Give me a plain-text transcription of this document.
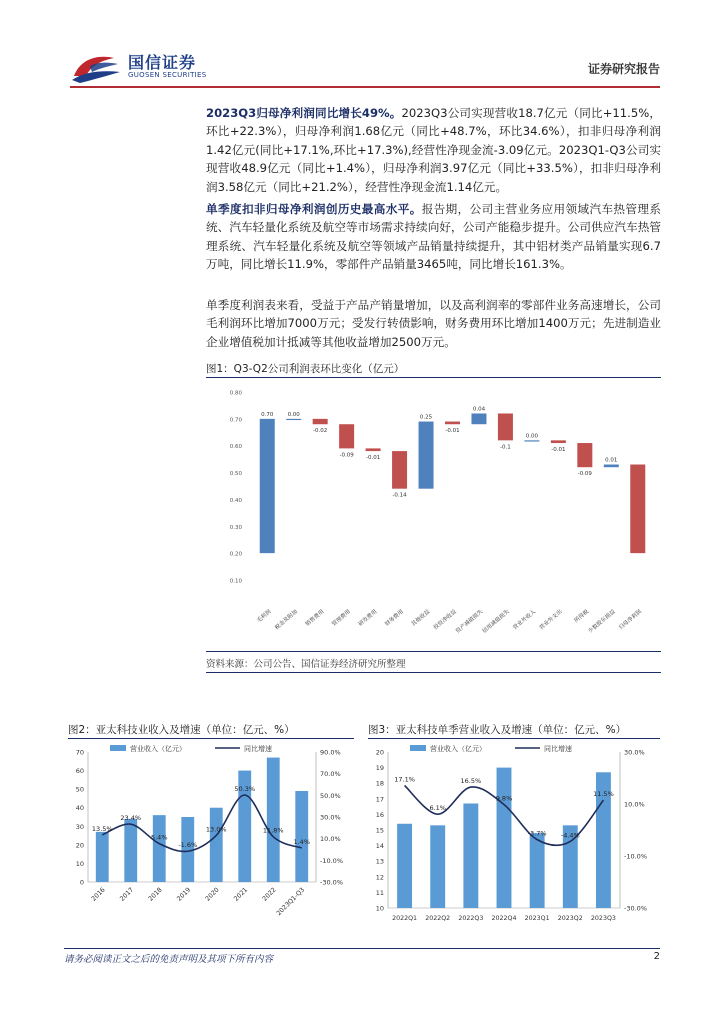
国信证券
GUOSEN SECURITIES	证券研究报告

2023Q3归母净利润同比增长49%。2023Q3公司实现营收18.7亿元（同比+11.5%，环比+22.3%），归母净利润1.68亿元（同比+48.7%，环比34.6%），扣非归母净利润1.42亿元(同比+17.1%,环比+17.3%),经营性净现金流-3.09亿元。2023Q1-Q3公司实现营收48.9亿元（同比+1.4%），归母净利润3.97亿元（同比+33.5%），扣非归母净利润3.58亿元（同比+21.2%），经营性净现金流1.14亿元。

单季度扣非归母净利润创历史最高水平。报告期，公司主营业务应用领域汽车热管理系统、汽车轻量化系统及航空等市场需求持续向好，公司产能稳步提升。公司供应汽车热管理系统、汽车轻量化系统及航空等领域产品销量持续提升，其中铝材类产品销量实现6.7万吨，同比增长11.9%，零部件产品销量3465吨，同比增长161.3%。

单季度利润表来看，受益于产品产销量增加，以及高利润率的零部件业务高速增长，公司毛利润环比增加7000万元；受发行转债影响，财务费用环比增加1400万元；先进制造业企业增值税加计抵减等其他收益增加2500万元。

图1：Q3-Q2公司利润表环比变化（亿元）
0.10
0.20
0.30
0.40
0.50
0.60
0.70
0.80
0.70
毛利润
0.00
税金及附加
-0.02
销售费用
-0.09
管理费用
-0.01
研发费用
-0.14
财务费用
0.25
其他收益
-0.01
投资净收益
0.04
资产减值损失
-0.1
信用减值损失
0.00
营业外收入
-0.01
营业外支出
-0.09
所得税
0.01
少数股东损益 归母净利润
资料来源：公司公告、国信证券经济研究所整理
图2：亚太科技业收入及增速（单位：亿元、%）
0
10
20
30
40
50
60
70
-30.0%
-10.0%
10.0%
30.0%
50.0%
70.0%
90.0%
2016 2017 2018 2019 2020 2021 2022
2023Q1-Q3
13.5%
23.4%
5.4%
-1.6%
13.0%
50.3%
11.8%
1.4%
营业收入（亿元）	同比增速
图3：亚太科技单季营业收入及增速（单位：亿元、%）
10
11
12
13
14
15
16
17
18
19
20
-30.0%
-10.0%
10.0%
30.0%
2022Q1 2022Q2 2022Q3 2022Q4 2023Q1 2023Q2 2023Q3
17.1%
6.1%
16.5%
9.8%
-3.7% -4.4%
11.5%
营业收入（亿元）	同比增速
请务必阅读正文之后的免责声明及其项下所有内容	2
